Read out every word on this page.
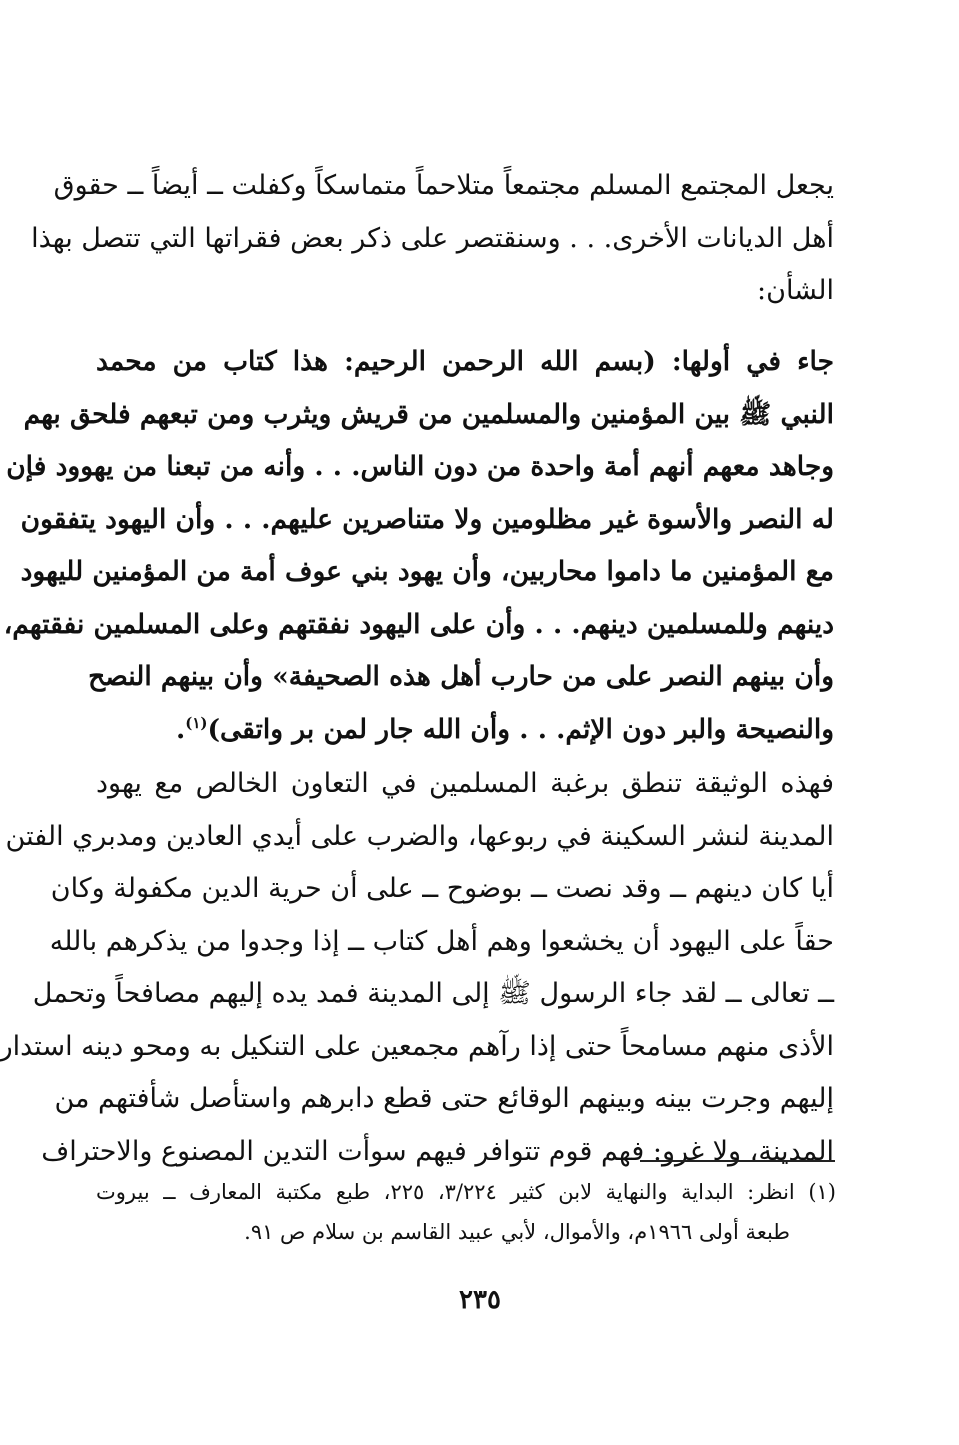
يجعل المجتمع المسلم مجتمعاً متلاحماً متماسكاً وكفلت ــ أيضاً ــ حقوق
أهل الديانات الأخرى. . . وسنقتصر على ذكر بعض فقراتها التي تتصل بهذا
الشأن:
جاء في أولها: (بسم الله الرحمن الرحيم: هذا كتاب من محمد
النبي ﷺ بين المؤمنين والمسلمين من قريش ويثرب ومن تبعهم فلحق بهم
وجاهد معهم أنهم أمة واحدة من دون الناس. . . وأنه من تبعنا من يهوود فإن
له النصر والأسوة غير مظلومين ولا متناصرين عليهم. . . وأن اليهود يتفقون
مع المؤمنين ما داموا محاربين، وأن يهود بني عوف أمة من المؤمنين لليهود
دينهم وللمسلمين دينهم. . . وأن على اليهود نفقتهم وعلى المسلمين نفقتهم،
وأن بينهم النصر على من حارب أهل هذه الصحيفة» وأن بينهم النصح
والنصيحة والبر دون الإثم. . . وأن الله جار لمن بر واتقى)$^{(١)}$.
فهذه الوثيقة تنطق برغبة المسلمين في التعاون الخالص مع يهود
المدينة لنشر السكينة في ربوعها، والضرب على أيدي العادين ومدبري الفتن
أيا كان دينهم ــ وقد نصت ــ بوضوح ــ على أن حرية الدين مكفولة وكان
حقاً على اليهود أن يخشعوا وهم أهل كتاب ــ إذا وجدوا من يذكرهم بالله
ــ تعالى ــ لقد جاء الرسول ﷺ إلى المدينة فمد يده إليهم مصافحاً وتحمل
الأذى منهم مسامحاً حتى إذا رآهم مجمعين على التنكيل به ومحو دينه استدار
إليهم وجرت بينه وبينهم الوقائع حتى قطع دابرهم واستأصل شأفتهم من
المدينة، ولا غرو: فهم قوم تتوافر فيهم سوأت التدين المصنوع والاحتراف
(١) انظر: البداية والنهاية لابن كثير ٣/٢٢٤، ٢٢٥، طبع مكتبة المعارف ــ بيروت
طبعة أولى ١٩٦٦م، والأموال، لأبي عبيد القاسم بن سلام ص ٩١.
٢٣٥
